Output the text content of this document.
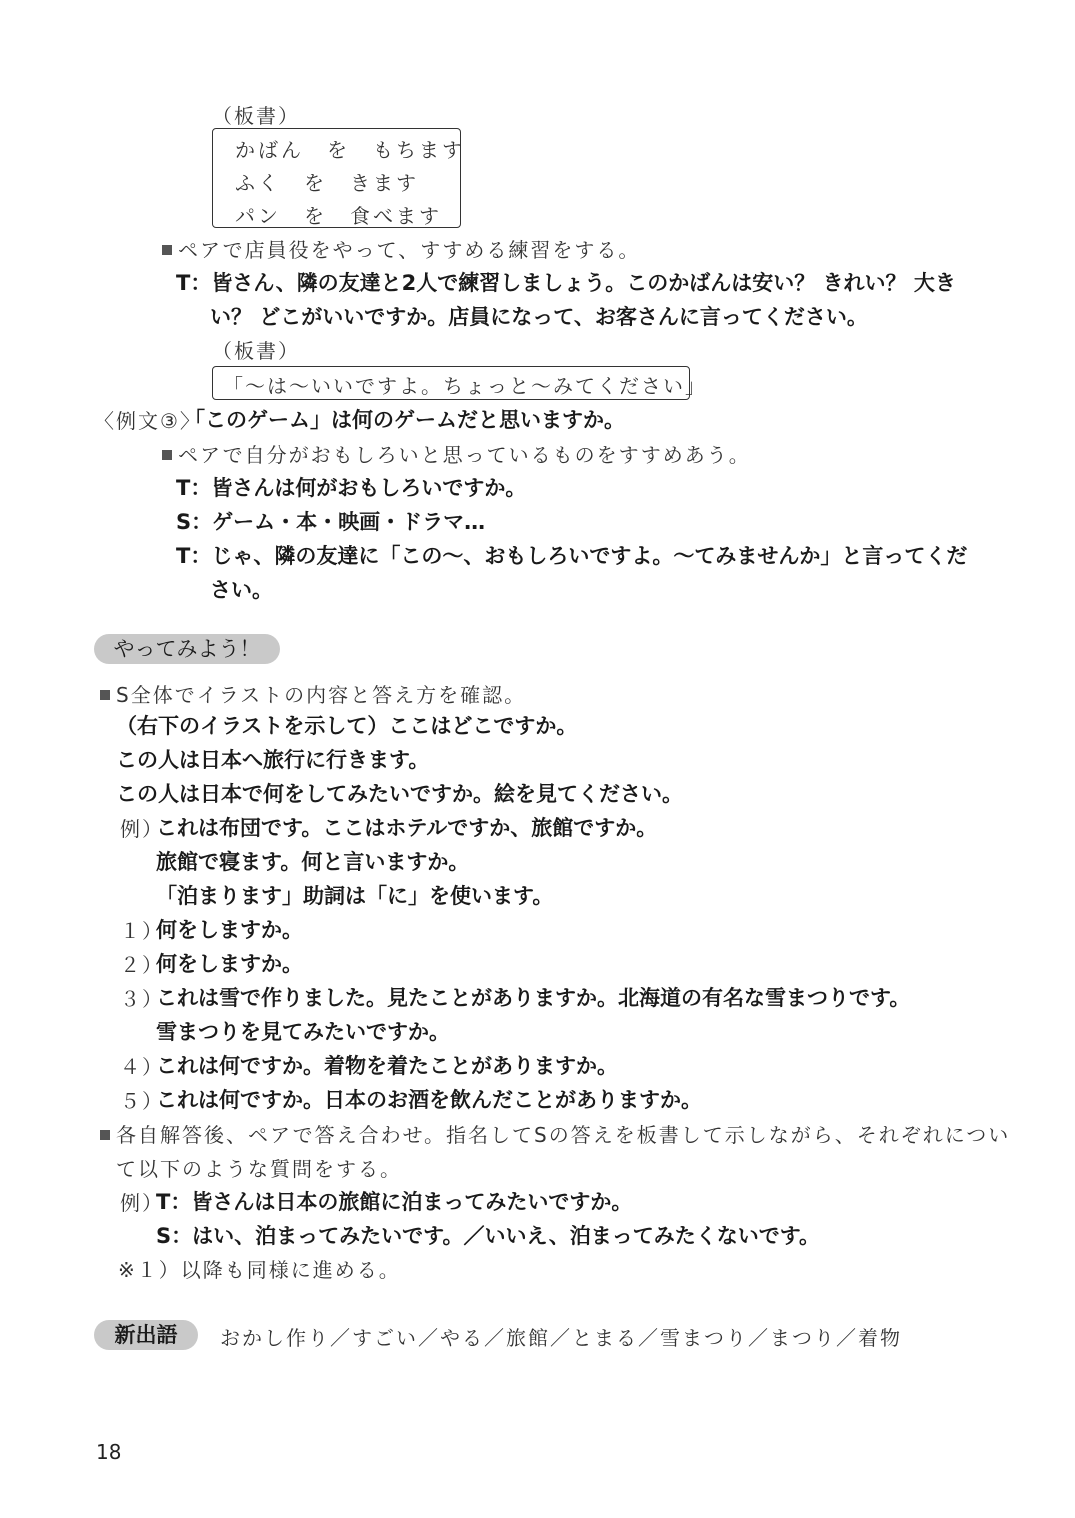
（板書）
かばん　を　もちます
ふく　を　きます
パン　を　食べます
ペアで店員役をやって、すすめる練習をする。
T：皆さん、隣の友達と2人で練習しましょう。このかばんは安い？ きれい？ 大き
い？ どこがいいですか。店員になって、お客さんに言ってください。
（板書）
「～は～いいですよ。ちょっと～みてください」
〈例文③〉
「このゲーム」は何のゲームだと思いますか。
ペアで自分がおもしろいと思っているものをすすめあう。
T：皆さんは何がおもしろいですか。
S：ゲーム・本・映画・ドラマ…
T：じゃ、隣の友達に「この～、おもしろいですよ。～てみませんか」と言ってくだ
さい。
やってみよう！
S全体でイラストの内容と答え方を確認。
（右下のイラストを示して）ここはどこですか。
この人は日本へ旅行に行きます。
この人は日本で何をしてみたいですか。絵を見てください。
例）
これは布団です。ここはホテルですか、旅館ですか。
旅館で寝ます。何と言いますか。
「泊まります」助詞は「に」を使います。
１）
何をしますか。
２）
何をしますか。
３）
これは雪で作りました。見たことがありますか。北海道の有名な雪まつりです。
雪まつりを見てみたいですか。
４）
これは何ですか。着物を着たことがありますか。
５）
これは何ですか。日本のお酒を飲んだことがありますか。
各自解答後、ペアで答え合わせ。指名してSの答えを板書して示しながら、それぞれについ
て以下のような質問をする。
例）
T：皆さんは日本の旅館に泊まってみたいですか。
S：はい、泊まってみたいです。／いいえ、泊まってみたくないです。
※１）以降も同様に進める。
新出語	おかし作り／すごい／やる／旅館／とまる／雪まつり／まつり／着物
18
